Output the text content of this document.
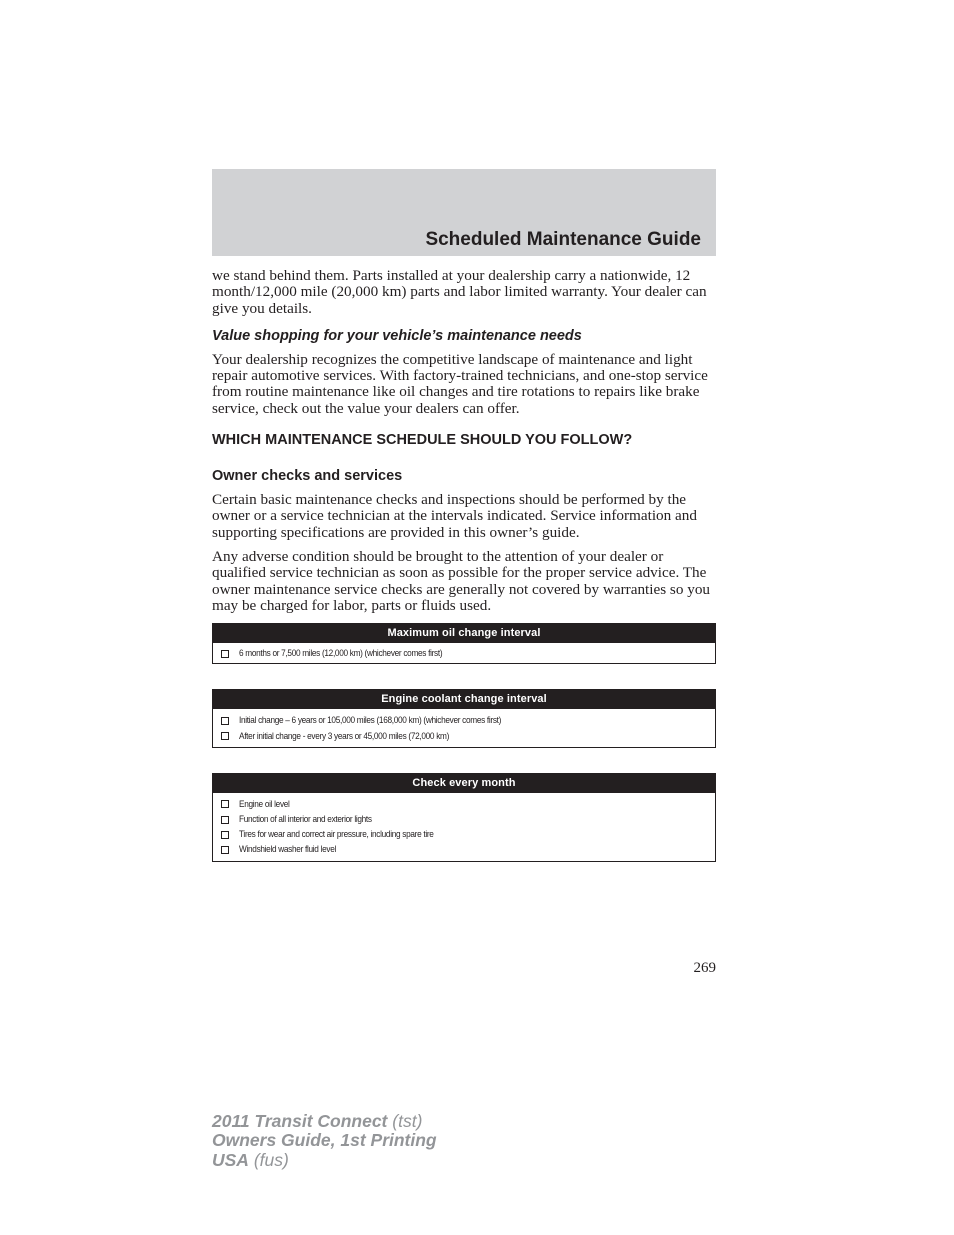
Scheduled Maintenance Guide

we stand behind them. Parts installed at your dealership carry a nationwide, 12 month/12,000 mile (20,000 km) parts and labor limited warranty. Your dealer can give you details.

Value shopping for your vehicle’s maintenance needs

Your dealership recognizes the competitive landscape of maintenance and light repair automotive services. With factory-trained technicians, and one-stop service from routine maintenance like oil changes and tire rotations to repairs like brake service, check out the value your dealers can offer.

WHICH MAINTENANCE SCHEDULE SHOULD YOU FOLLOW?
Owner checks and services

Certain basic maintenance checks and inspections should be performed by the owner or a service technician at the intervals indicated. Service information and supporting specifications are provided in this owner’s guide.

Any adverse condition should be brought to the attention of your dealer or qualified service technician as soon as possible for the proper service advice. The owner maintenance service checks are generally not covered by warranties so you may be charged for labor, parts or fluids used.

Maximum oil change interval
6 months or 7,500 miles (12,000 km) (whichever comes first)
Engine coolant change interval
Initial change – 6 years or 105,000 miles (168,000 km) (whichever comes first)
After initial change - every 3 years or 45,000 miles (72,000 km)
Check every month
Engine oil level
Function of all interior and exterior lights
Tires for wear and correct air pressure, including spare tire
Windshield washer fluid level
269
2011 Transit Connect (tst)
Owners Guide, 1st Printing
USA (fus)
